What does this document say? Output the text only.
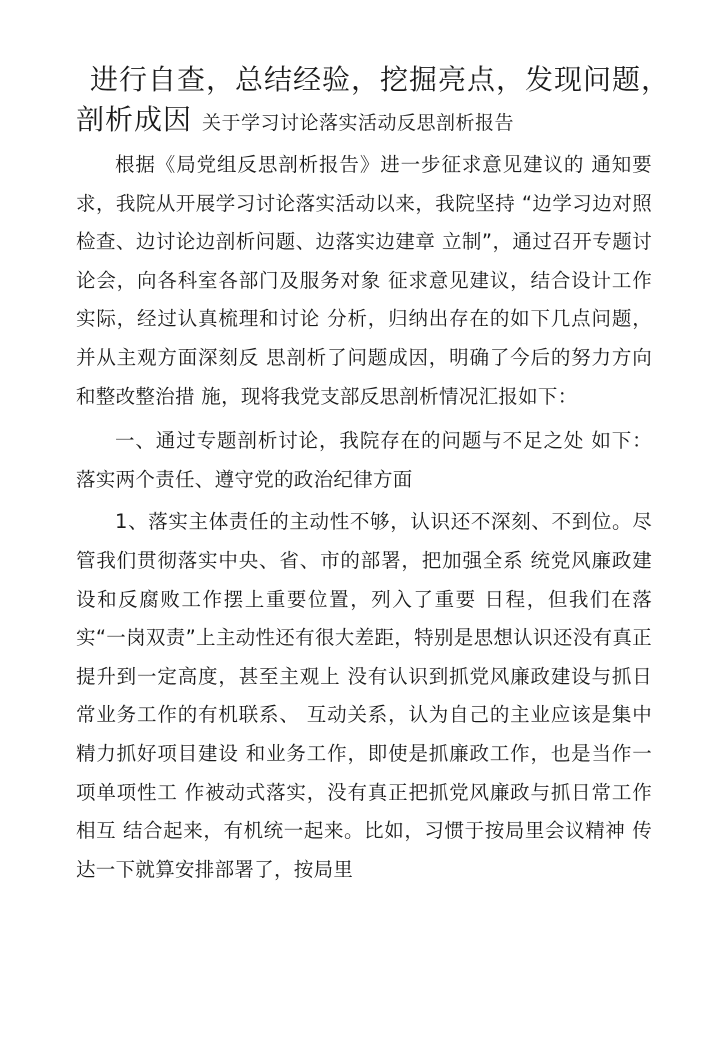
进行自查，总结经验，挖掘亮点，发现问题，
剖析成因 关于学习讨论落实活动反思剖析报告

根据《局党组反思剖析报告》进一步征求意见建议的 通知要求，我院从开展学习讨论落实活动以来，我院坚持 “边学习边对照检查、边讨论边剖析问题、边落实边建章 立制”，通过召开专题讨论会，向各科室各部门及服务对象 征求意见建议，结合设计工作实际，经过认真梳理和讨论 分析，归纳出存在的如下几点问题，并从主观方面深刻反 思剖析了问题成因，明确了今后的努力方向和整改整治措 施，现将我党支部反思剖析情况汇报如下：

一、通过专题剖析讨论，我院存在的问题与不足之处 如下： 落实两个责任、遵守党的政治纪律方面

1、落实主体责任的主动性不够，认识还不深刻、不到位。尽管我们贯彻落实中央、省、市的部署，把加强全系 统党风廉政建设和反腐败工作摆上重要位置，列入了重要 日程，但我们在落实“一岗双责”上主动性还有很大差距，特别是思想认识还没有真正提升到一定高度，甚至主观上 没有认识到抓党风廉政建设与抓日常业务工作的有机联系、 互动关系，认为自己的主业应该是集中精力抓好项目建设 和业务工作，即使是抓廉政工作，也是当作一项单项性工 作被动式落实，没有真正把抓党风廉政与抓日常工作相互 结合起来，有机统一起来。比如，习惯于按局里会议精神 传达一下就算安排部署了，按局里
